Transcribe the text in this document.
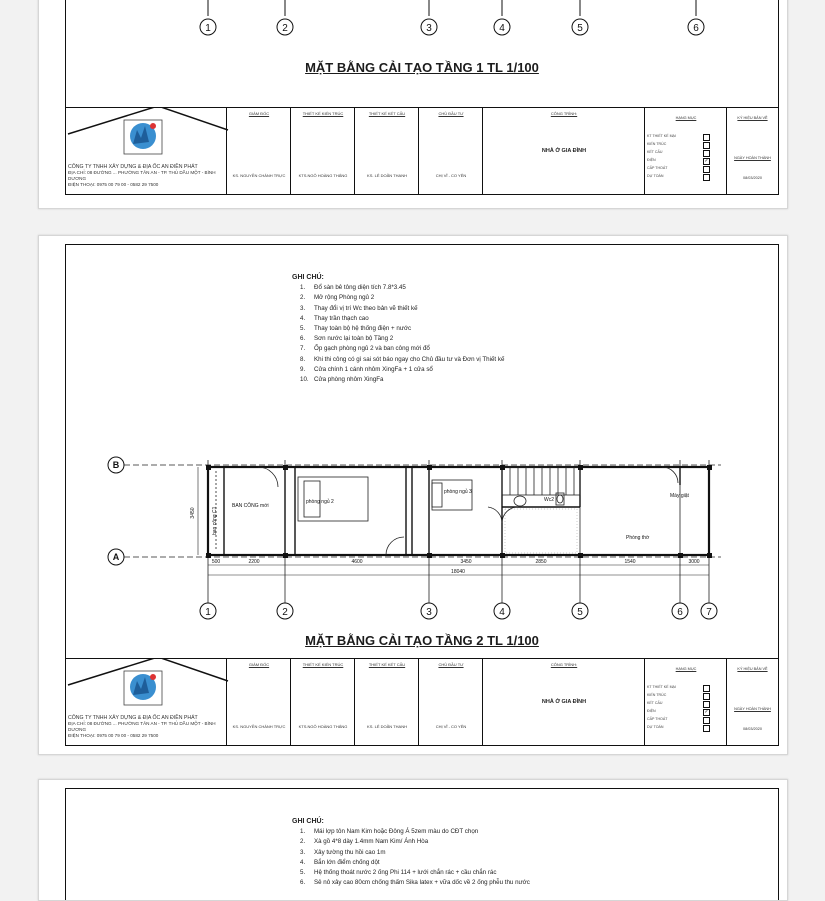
1	2	3	4	5	6
MẶT BẰNG CẢI TẠO TẦNG 1 TL 1/100
CÔNG TY TNHH XÂY DỰNG & ĐỊA ỐC AN ĐIỀN PHÁT
ĐỊA CHỈ: 08 ĐƯỜNG ... PHƯỜNG TÂN AN - TP. THỦ DẦU MỘT - BÌNH DƯƠNG
ĐIỆN THOẠI: 0975 00 79 00 - 0582 29 7500
GIÁM ĐỐC
KS. NGUYỄN CHÁNH TRỰC
THIẾT KẾ KIẾN TRÚC
KTS.NGÔ HOÀNG THẮNG
THIẾT KẾ KẾT CẤU
KS. LÊ DOÃN THANH
CHỦ ĐẦU TƯ
CHỊ VĨ - CO YÊN
CÔNG TRÌNH:
NHÀ Ở GIA ĐÌNH
HẠNG MỤC
KT THIẾT KẾ MẠI
KIẾN TRÚC
KẾT CẤU
ĐIỆN	✓
CẤP THOÁT
DỰ TOÁN
KÝ HIỆU BẢN VẼ
NGÀY HOÀN THÀNH
08/03/2020
GHI CHÚ:
1. Đổ sàn bê tông diện tích 7.8*3.45
2. Mở rộng Phòng ngủ 2
3. Thay đổi vị trí Wc theo bản vẽ thiết kế
4. Thay trần thạch cao
5. Thay toàn bộ hệ thống điện + nước
6. Sơn nước lại toàn bộ Tầng 2
7. Ốp gạch phòng ngủ 2 và ban công mới đổ
8. Khi thi công có gì sai sót báo ngay cho Chủ đầu tư và Đơn vị Thiết kế
9. Cửa chính 1 cánh nhôm XingFa + 1 cửa sổ
10. Cửa phòng nhôm XingFa
500	2200	4600	3450	2850	1540	3000
18040
3450
B
A
1	2	3	4	5	6 7
ban công C1
BAN CÔNG mới
phòng ngủ 2
phòng ngủ 3
Wc2
Máy giặt
Phòng thờ
MẶT BẰNG CẢI TẠO TẦNG 2 TL 1/100
CÔNG TY TNHH XÂY DỰNG & ĐỊA ỐC AN ĐIỀN PHÁT
ĐỊA CHỈ: 08 ĐƯỜNG ... PHƯỜNG TÂN AN - TP. THỦ DẦU MỘT - BÌNH DƯƠNG
ĐIỆN THOẠI: 0975 00 79 00 - 0582 29 7500
GIÁM ĐỐC
KS. NGUYỄN CHÁNH TRỰC
THIẾT KẾ KIẾN TRÚC
KTS.NGÔ HOÀNG THẮNG
THIẾT KẾ KẾT CẤU
KS. LÊ DOÃN THANH
CHỦ ĐẦU TƯ
CHỊ VĨ - CO YÊN
CÔNG TRÌNH:
NHÀ Ở GIA ĐÌNH
HẠNG MỤC
KT THIẾT KẾ MẠI
KIẾN TRÚC
KẾT CẤU
ĐIỆN	✓
CẤP THOÁT
DỰ TOÁN
KÝ HIỆU BẢN VẼ
NGÀY HOÀN THÀNH
08/03/2020
GHI CHÚ:
1. Mái lợp tôn Nam Kim hoặc Đông Á 5zem màu do CĐT chọn
2. Xà gồ 4*8 dày 1.4mm Nam Kim/ Ánh Hòa
3. Xây tường thu hồi cao 1m
4. Bắn lớn điểm chống dột
5. Hệ thống thoát nước 2 ống Phi 114 + lưới chắn rác + cầu chắn rác
6. Sê nô xây cao 80cm chống thấm Sika latex + vữa dốc về 2 ống phễu thu nước
